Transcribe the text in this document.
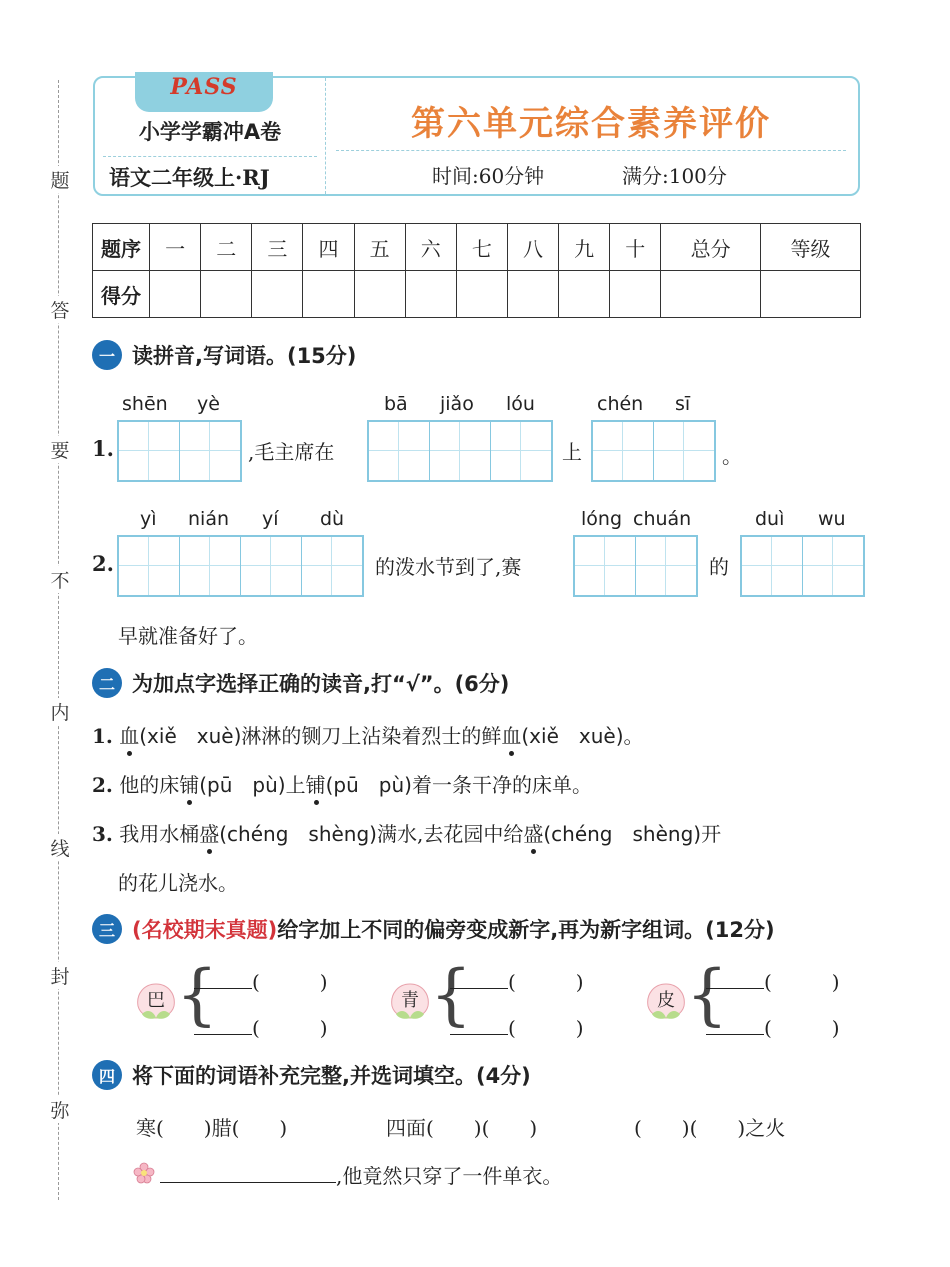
题
答
要
不
内
线
封
弥
PASS
小学学霸冲A卷
语文二年级上·RJ
第六单元综合素养评价
时间:60分钟	满分:100分
题序	一	二	三	四	五	六	七	八	九	十	总分	等级
得分												
一 读拼音,写词语。(15分)
shēn yè	bā jiǎo lóu	chén sī
1.	,毛主席在	上	。
yì nián yí dù	lóng chuán	duì wu
2.	的泼水节到了,赛	的
早就准备好了。
二 为加点字选择正确的读音,打“√”。(6分)
1. 血(xiě　xuè)淋淋的铡刀上沾染着烈士的鲜血(xiě　xuè)。
2. 他的床铺(pū　pù)上铺(pū　pù)着一条干净的床单。
3. 我用水桶盛(chéng　shèng)满水,去花园中给盛(chéng　shèng)开
的花儿浇水。
三 (名校期末真题) 给字加上不同的偏旁变成新字,再为新字组词。(12分)
巴 {	(　　　)
(　　　)
青 {	(　　　)
(　　　)
皮 {	(　　　)
(　　　)
四 将下面的词语补充完整,并选词填空。(4分)
寒(　　)腊(　　)	四面(　　)(　　)	(　　)(　　)之火
,他竟然只穿了一件单衣。
